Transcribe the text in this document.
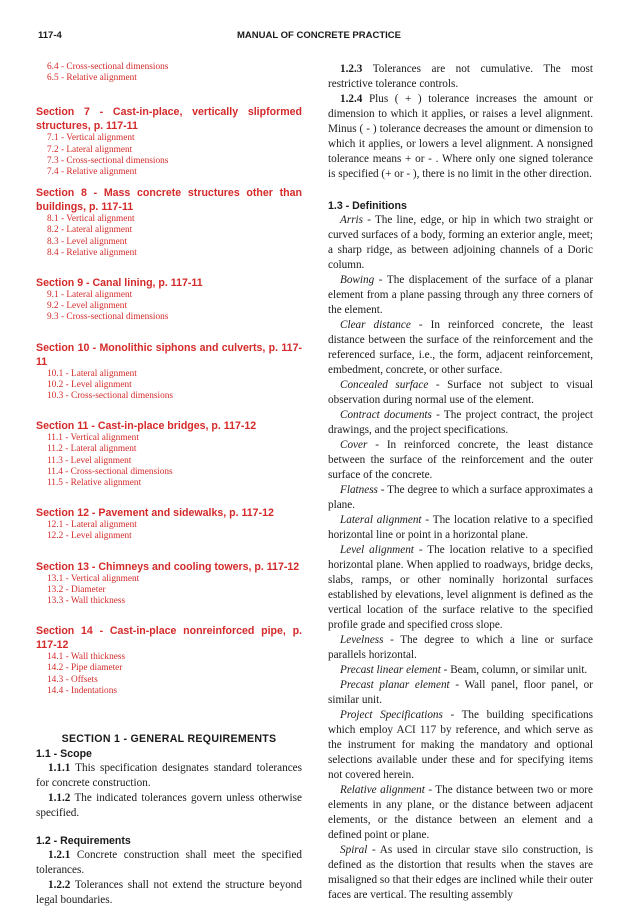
117-4	MANUAL OF CONCRETE PRACTICE
6.4 - Cross-sectional dimensions
6.5 - Relative alignment
Section 7 - Cast-in-place, vertically slipformed structures, p. 117-11
7.1 - Vertical alignment
7.2 - Lateral alignment
7.3 - Cross-sectional dimensions
7.4 - Relative alignment
Section 8 - Mass concrete structures other than buildings, p. 117-11
8.1 - Vertical alignment
8.2 - Lateral alignment
8.3 - Level alignment
8.4 - Relative alignment
Section 9 - Canal lining, p. 117-11
9.1 - Lateral alignment
9.2 - Level alignment
9.3 - Cross-sectional dimensions
Section 10 - Monolithic siphons and culverts, p. 117-11
10.1 - Lateral alignment
10.2 - Level alignment
10.3 - Cross-sectional dimensions
Section 11 - Cast-in-place bridges, p. 117-12
11.1 - Vertical alignment
11.2 - Lateral alignment
11.3 - Level alignment
11.4 - Cross-sectional dimensions
11.5 - Relative alignment
Section 12 - Pavement and sidewalks, p. 117-12
12.1 - Lateral alignment
12.2 - Level alignment
Section 13 - Chimneys and cooling towers, p. 117-12
13.1 - Vertical alignment
13.2 - Diameter
13.3 - Wall thickness
Section 14 - Cast-in-place nonreinforced pipe, p. 117-12
14.1 - Wall thickness
14.2 - Pipe diameter
14.3 - Offsets
14.4 - Indentations
SECTION 1 - GENERAL REQUIREMENTS
1.1 - Scope

1.1.1 This specification designates standard tolerances for concrete construction.

1.1.2 The indicated tolerances govern unless otherwise specified.

1.2 - Requirements

1.2.1 Concrete construction shall meet the specified tolerances.

1.2.2 Tolerances shall not extend the structure beyond legal boundaries.

1.2.3 Tolerances are not cumulative. The most restrictive tolerance controls.

1.2.4 Plus ( + ) tolerance increases the amount or dimension to which it applies, or raises a level alignment. Minus ( - ) tolerance decreases the amount or dimension to which it applies, or lowers a level alignment. A nonsigned tolerance means + or - . Where only one signed tolerance is specified (+ or - ), there is no limit in the other direction.

1.3 - Definitions

Arris - The line, edge, or hip in which two straight or curved surfaces of a body, forming an exterior angle, meet; a sharp ridge, as between adjoining channels of a Doric column.

Bowing - The displacement of the surface of a planar element from a plane passing through any three corners of the element.

Clear distance - In reinforced concrete, the least distance between the surface of the reinforcement and the referenced surface, i.e., the form, adjacent reinforcement, embedment, concrete, or other surface.

Concealed surface - Surface not subject to visual observation during normal use of the element.

Contract documents - The project contract, the project drawings, and the project specifications.

Cover - In reinforced concrete, the least distance between the surface of the reinforcement and the outer surface of the concrete.

Flatness - The degree to which a surface approximates a plane.

Lateral alignment - The location relative to a specified horizontal line or point in a horizontal plane.

Level alignment - The location relative to a specified horizontal plane. When applied to roadways, bridge decks, slabs, ramps, or other nominally horizontal surfaces established by elevations, level alignment is defined as the vertical location of the surface relative to the specified profile grade and specified cross slope.

Levelness - The degree to which a line or surface parallels horizontal.

Precast linear element - Beam, column, or similar unit.

Precast planar element - Wall panel, floor panel, or similar unit.

Project Specifications - The building specifications which employ ACI 117 by reference, and which serve as the instrument for making the mandatory and optional selections available under these and for specifying items not covered herein.

Relative alignment - The distance between two or more elements in any plane, or the distance between adjacent elements, or the distance between an element and a defined point or plane.

Spiral - As used in circular stave silo construction, is defined as the distortion that results when the staves are misaligned so that their edges are inclined while their outer faces are vertical. The resulting assembly
